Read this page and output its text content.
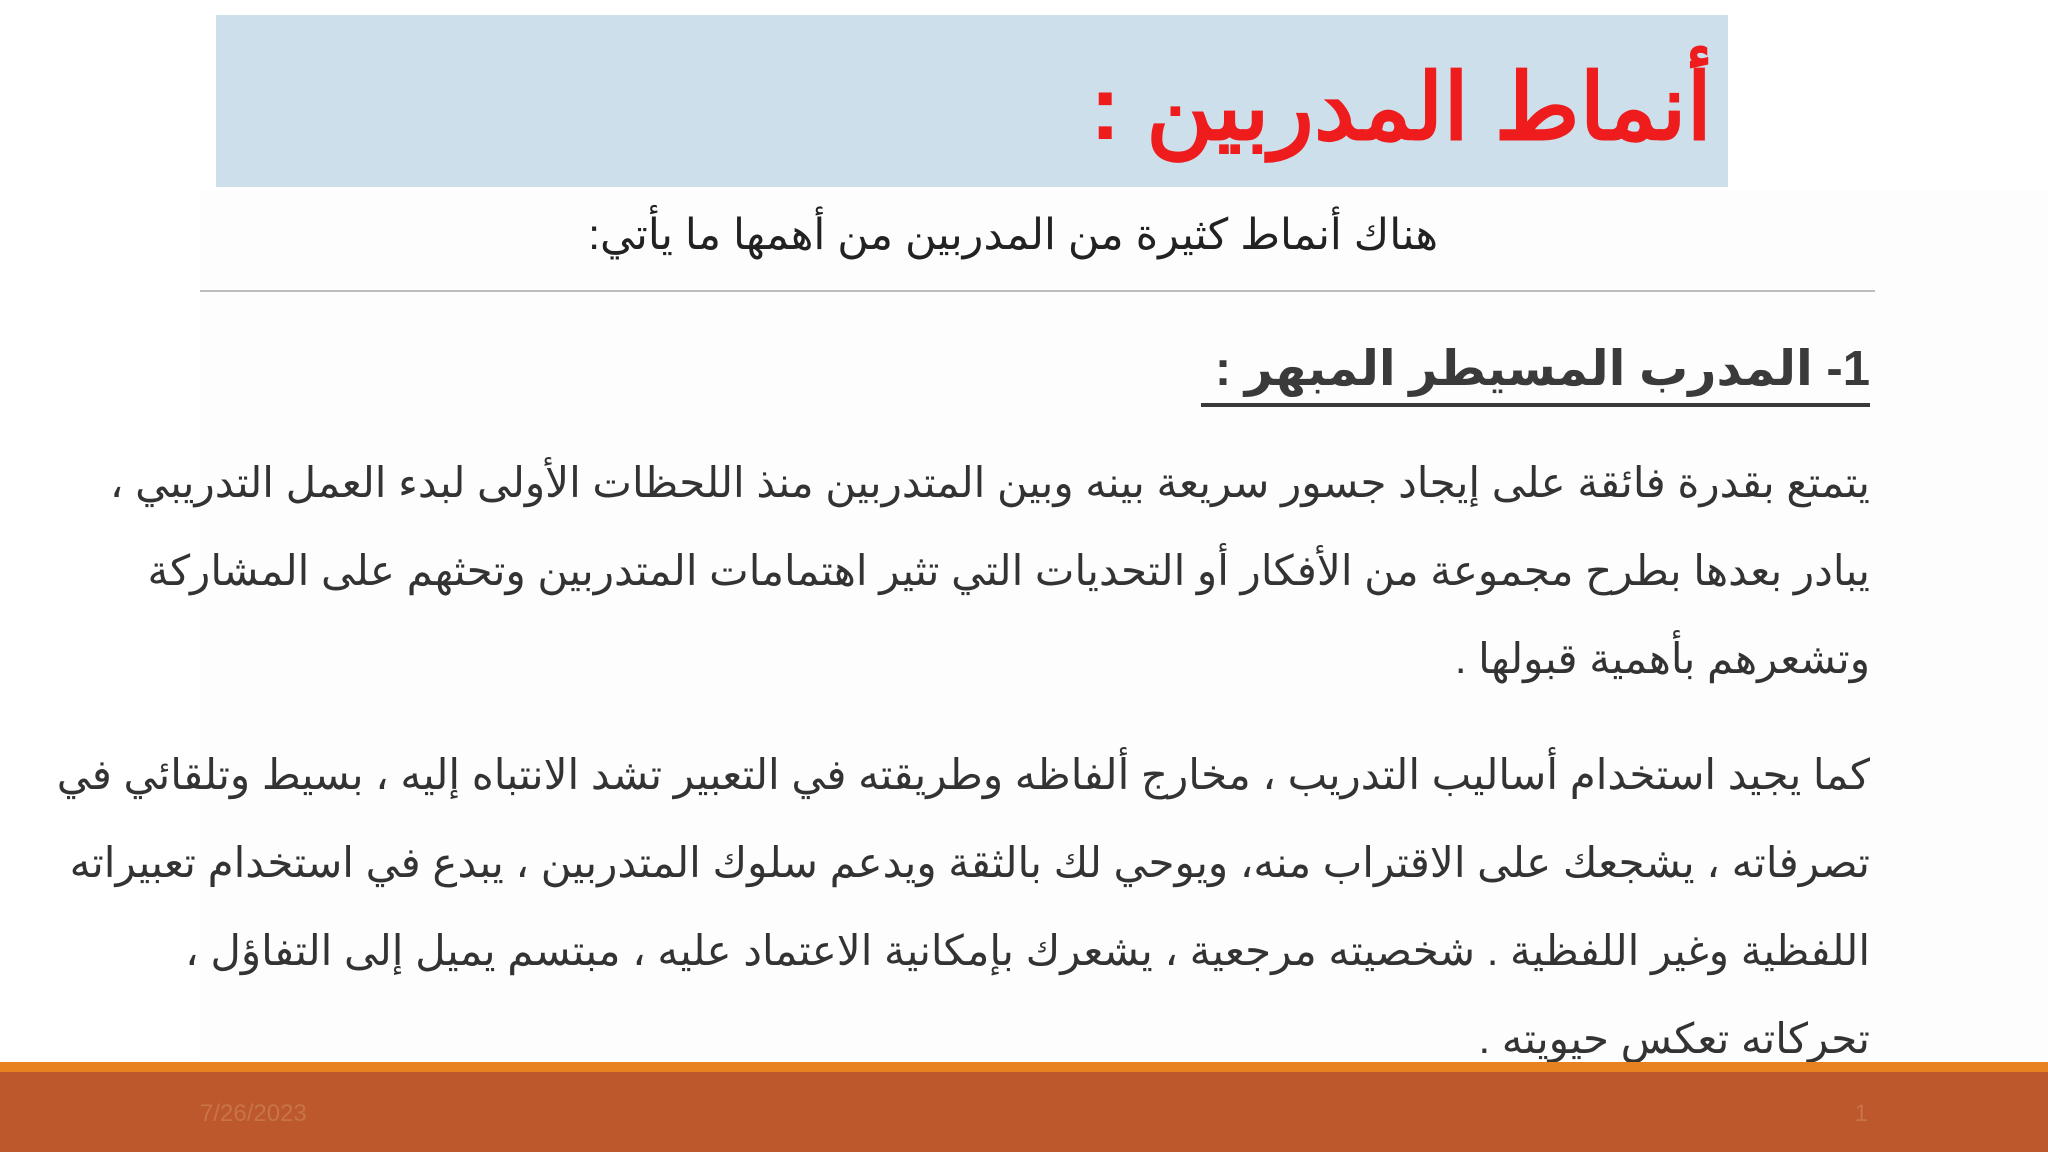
أنماط المدربين :
هناك أنماط كثيرة من المدربين من أهمها ما يأتي:
1- المدرب المسيطر المبهر :
يتمتع بقدرة فائقة على إيجاد جسور سريعة بينه وبين المتدربين منذ اللحظات الأولى لبدء العمل التدريبي ،
يبادر بعدها بطرح مجموعة من الأفكار أو التحديات التي تثير اهتمامات المتدربين وتحثهم على المشاركة
وتشعرهم بأهمية قبولها .
كما يجيد استخدام أساليب التدريب ، مخارج ألفاظه وطريقته في التعبير تشد الانتباه إليه ، بسيط وتلقائي في
تصرفاته ، يشجعك على الاقتراب منه، ويوحي لك بالثقة ويدعم سلوك المتدربين ، يبدع في استخدام تعبيراته
اللفظية وغير اللفظية . شخصيته مرجعية ، يشعرك بإمكانية الاعتماد عليه ، مبتسم يميل إلى التفاؤل ،
تحركاته تعكس حيويته .
7/26/2023	1
